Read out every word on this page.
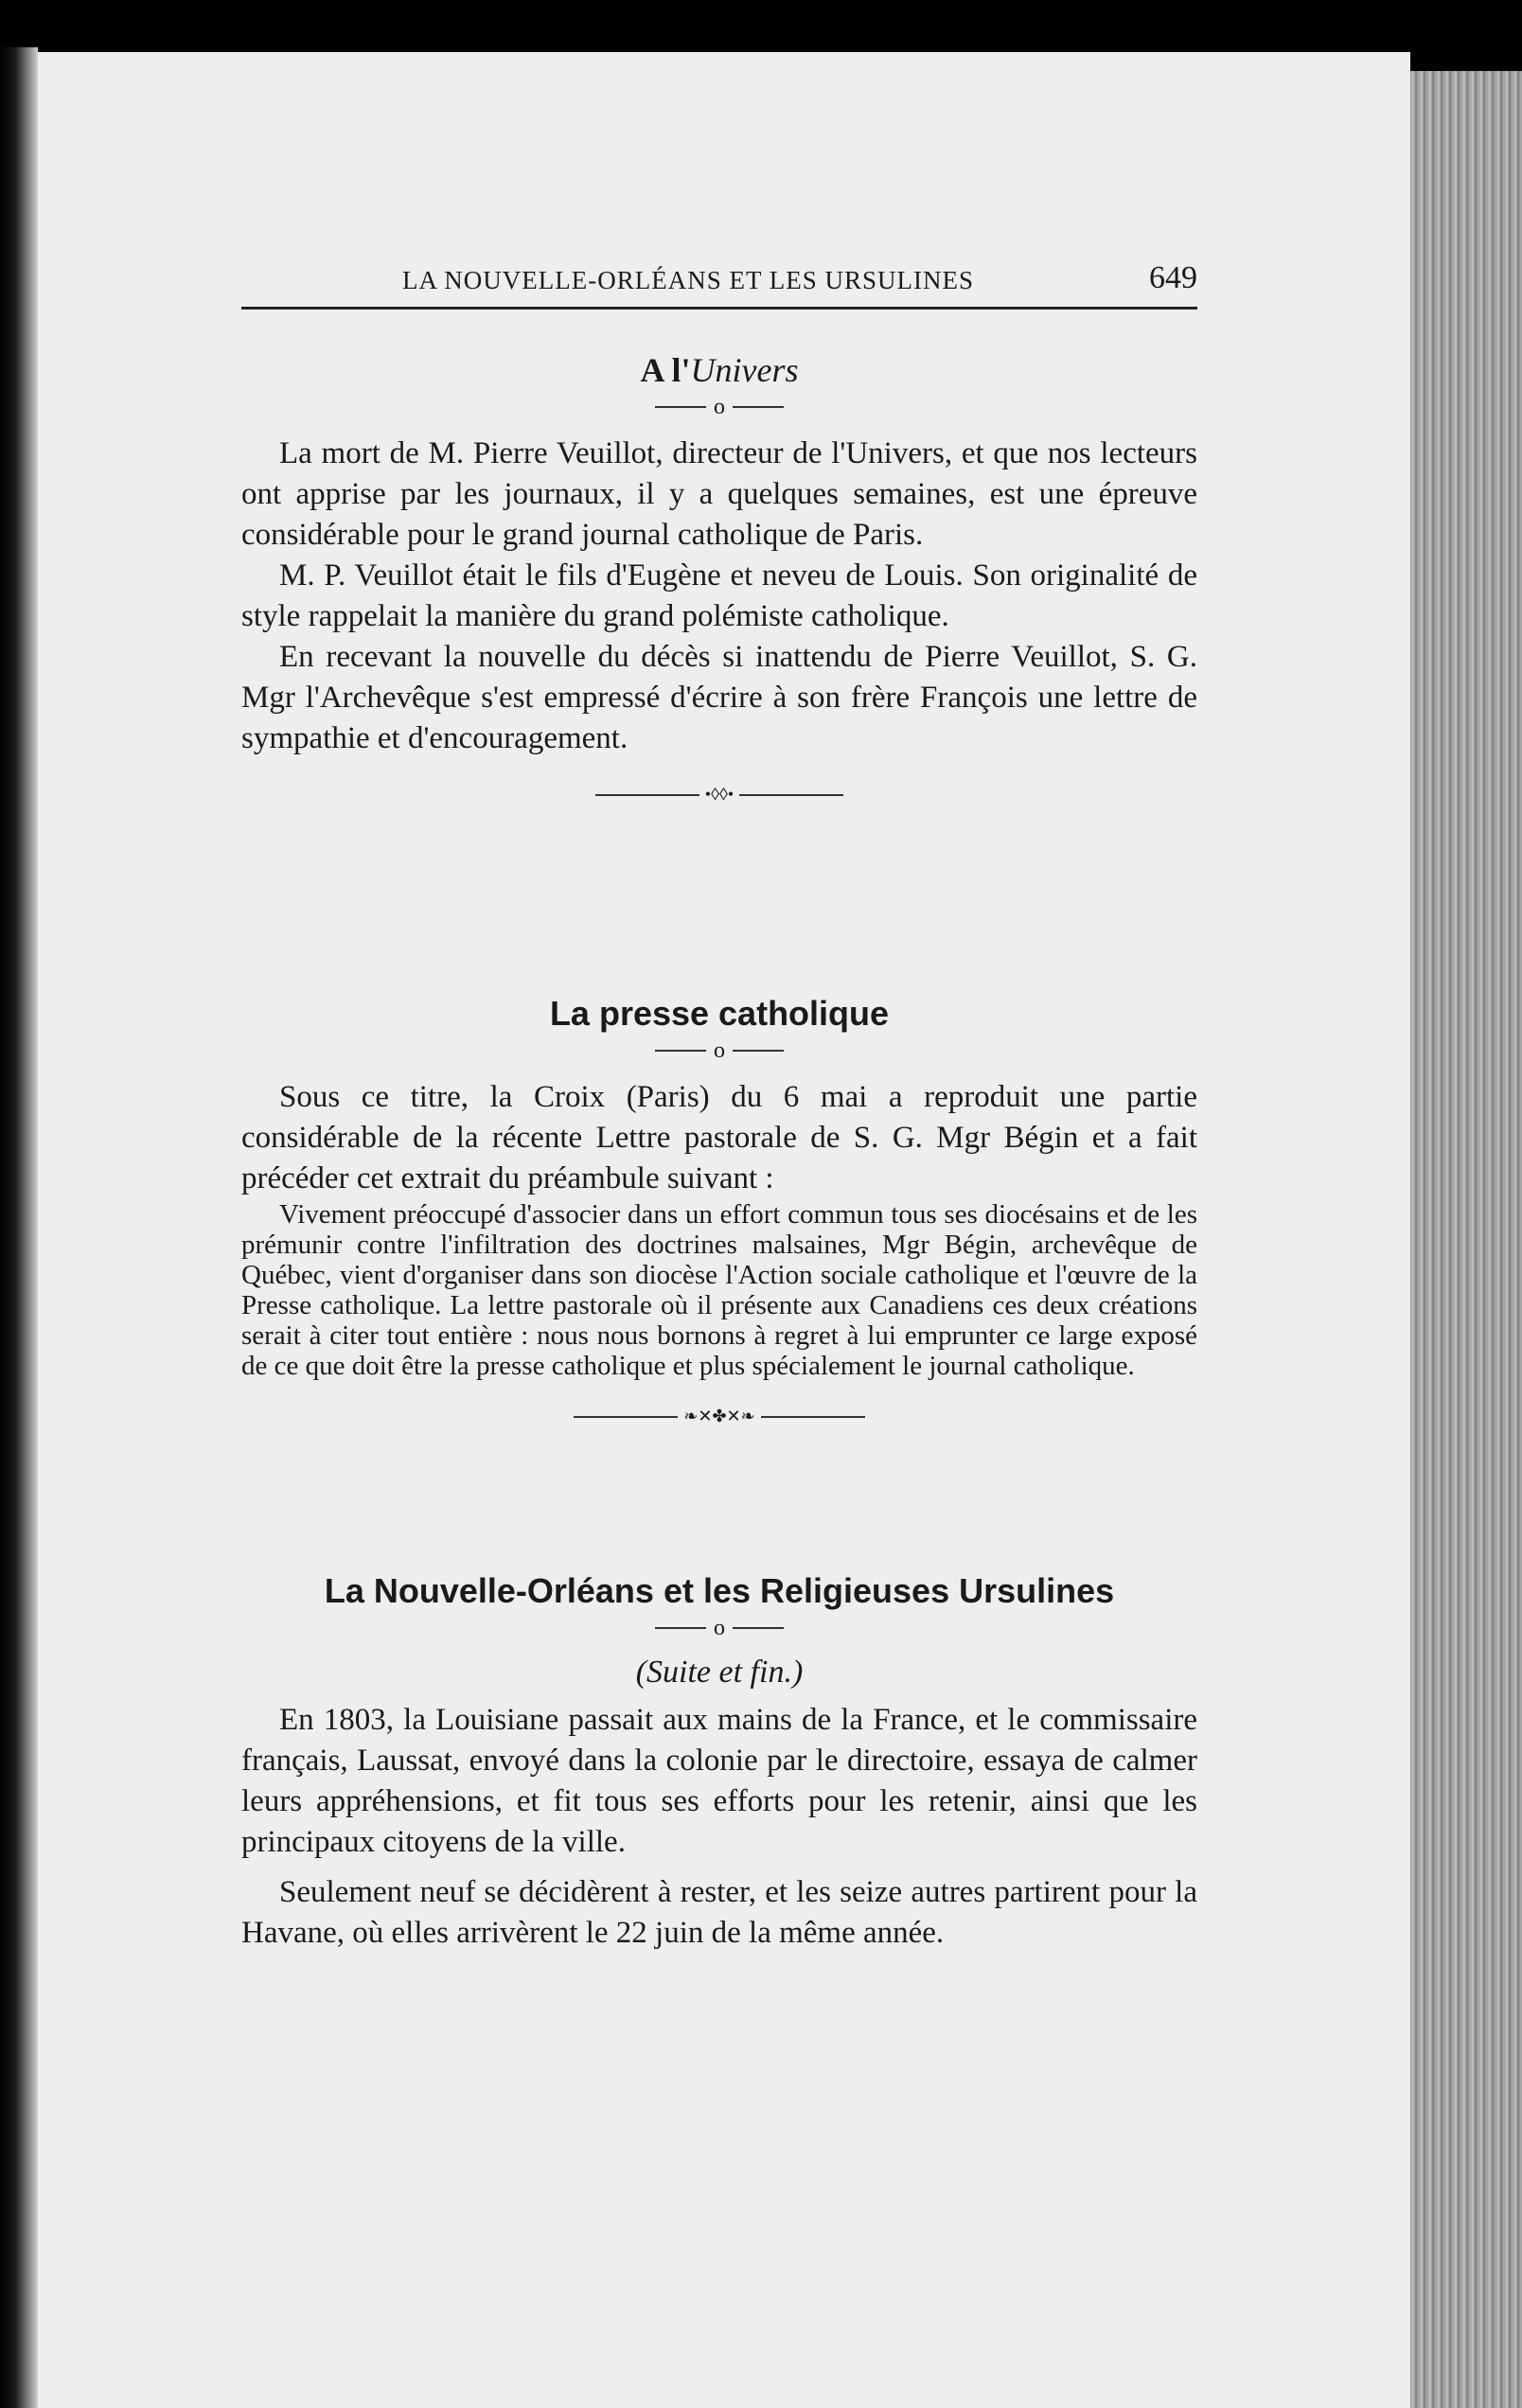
LA NOUVELLE-ORLÉANS ET LES URSULINES	649
A l'Univers
o

La mort de M. Pierre Veuillot, directeur de l'Univers, et que nos lecteurs ont apprise par les journaux, il y a quelques semaines, est une épreuve considérable pour le grand journal catholique de Paris.

M. P. Veuillot était le fils d'Eugène et neveu de Louis. Son originalité de style rappelait la manière du grand polémiste catholique.

En recevant la nouvelle du décès si inattendu de Pierre Veuillot, S. G. Mgr l'Archevêque s'est empressé d'écrire à son frère François une lettre de sympathie et d'encouragement.

•◊◊•
La presse catholique
o

Sous ce titre, la Croix (Paris) du 6 mai a reproduit une partie considérable de la récente Lettre pastorale de S. G. Mgr Bégin et a fait précéder cet extrait du préambule suivant :

Vivement préoccupé d'associer dans un effort commun tous ses diocésains et de les prémunir contre l'infiltration des doctrines malsaines, Mgr Bégin, archevêque de Québec, vient d'organiser dans son diocèse l'Action sociale catholique et l'œuvre de la Presse catholique. La lettre pastorale où il présente aux Canadiens ces deux créations serait à citer tout entière : nous nous bornons à regret à lui emprunter ce large exposé de ce que doit être la presse catholique et plus spécialement le journal catholique.

❧✕✤✕❧
La Nouvelle-Orléans et les Religieuses Ursulines
o
(Suite et fin.)

En 1803, la Louisiane passait aux mains de la France, et le commissaire français, Laussat, envoyé dans la colonie par le directoire, essaya de calmer leurs appréhensions, et fit tous ses efforts pour les retenir, ainsi que les principaux citoyens de la ville.

Seulement neuf se décidèrent à rester, et les seize autres partirent pour la Havane, où elles arrivèrent le 22 juin de la même année.
